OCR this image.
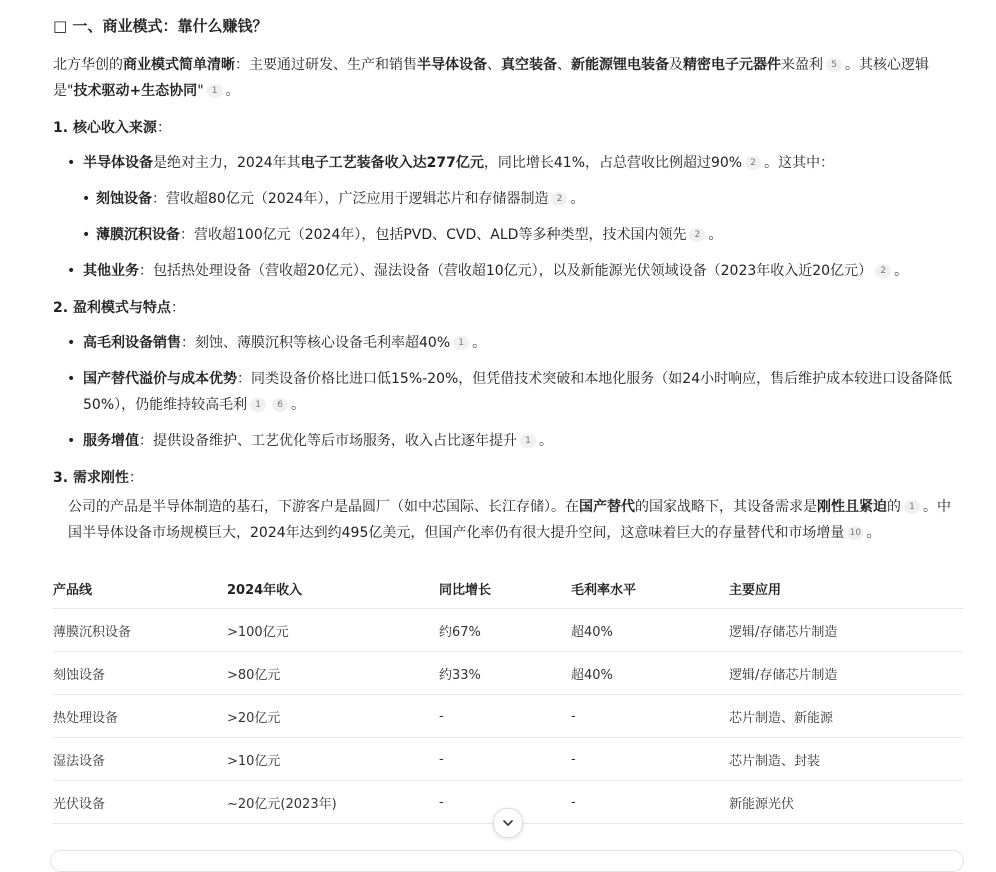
□ 一、商业模式：靠什么赚钱？
北方华创的商业模式简单清晰：主要通过研发、生产和销售半导体设备、真空装备、新能源锂电装备及精密电子元器件来盈利 5 。其核心逻辑是"技术驱动+生态协同" 1 。
1. 核心收入来源：
• 半导体设备是绝对主力，2024年其电子工艺装备收入达277亿元，同比增长41%，占总营收比例超过90% 2 。这其中：
• 刻蚀设备：营收超80亿元（2024年），广泛应用于逻辑芯片和存储器制造 2 。
• 薄膜沉积设备：营收超100亿元（2024年），包括PVD、CVD、ALD等多种类型，技术国内领先 2 。
• 其他业务：包括热处理设备（营收超20亿元）、湿法设备（营收超10亿元），以及新能源光伏领域设备（2023年收入近20亿元） 2 。
2. 盈利模式与特点：
• 高毛利设备销售：刻蚀、薄膜沉积等核心设备毛利率超40% 1 。
• 国产替代溢价与成本优势：同类设备价格比进口低15%-20%，但凭借技术突破和本地化服务（如24小时响应，售后维护成本较进口设备降低50%），仍能维持较高毛利 1 6 。
• 服务增值：提供设备维护、工艺优化等后市场服务，收入占比逐年提升 1 。
3. 需求刚性：
公司的产品是半导体制造的基石，下游客户是晶圆厂（如中芯国际、长江存储）。在国产替代的国家战略下，其设备需求是刚性且紧迫的 1 。中国半导体设备市场规模巨大，2024年达到约495亿美元，但国产化率仍有很大提升空间，这意味着巨大的存量替代和市场增量 10 。
产品线	2024年收入	同比增长	毛利率水平	主要应用
薄膜沉积设备	>100亿元	约67%	超40%	逻辑/存储芯片制造
刻蚀设备	>80亿元	约33%	超40%	逻辑/存储芯片制造
热处理设备	>20亿元	-	-	芯片制造、新能源
湿法设备	>10亿元	-	-	芯片制造、封装
光伏设备	~20亿元(2023年)	-	-	新能源光伏
